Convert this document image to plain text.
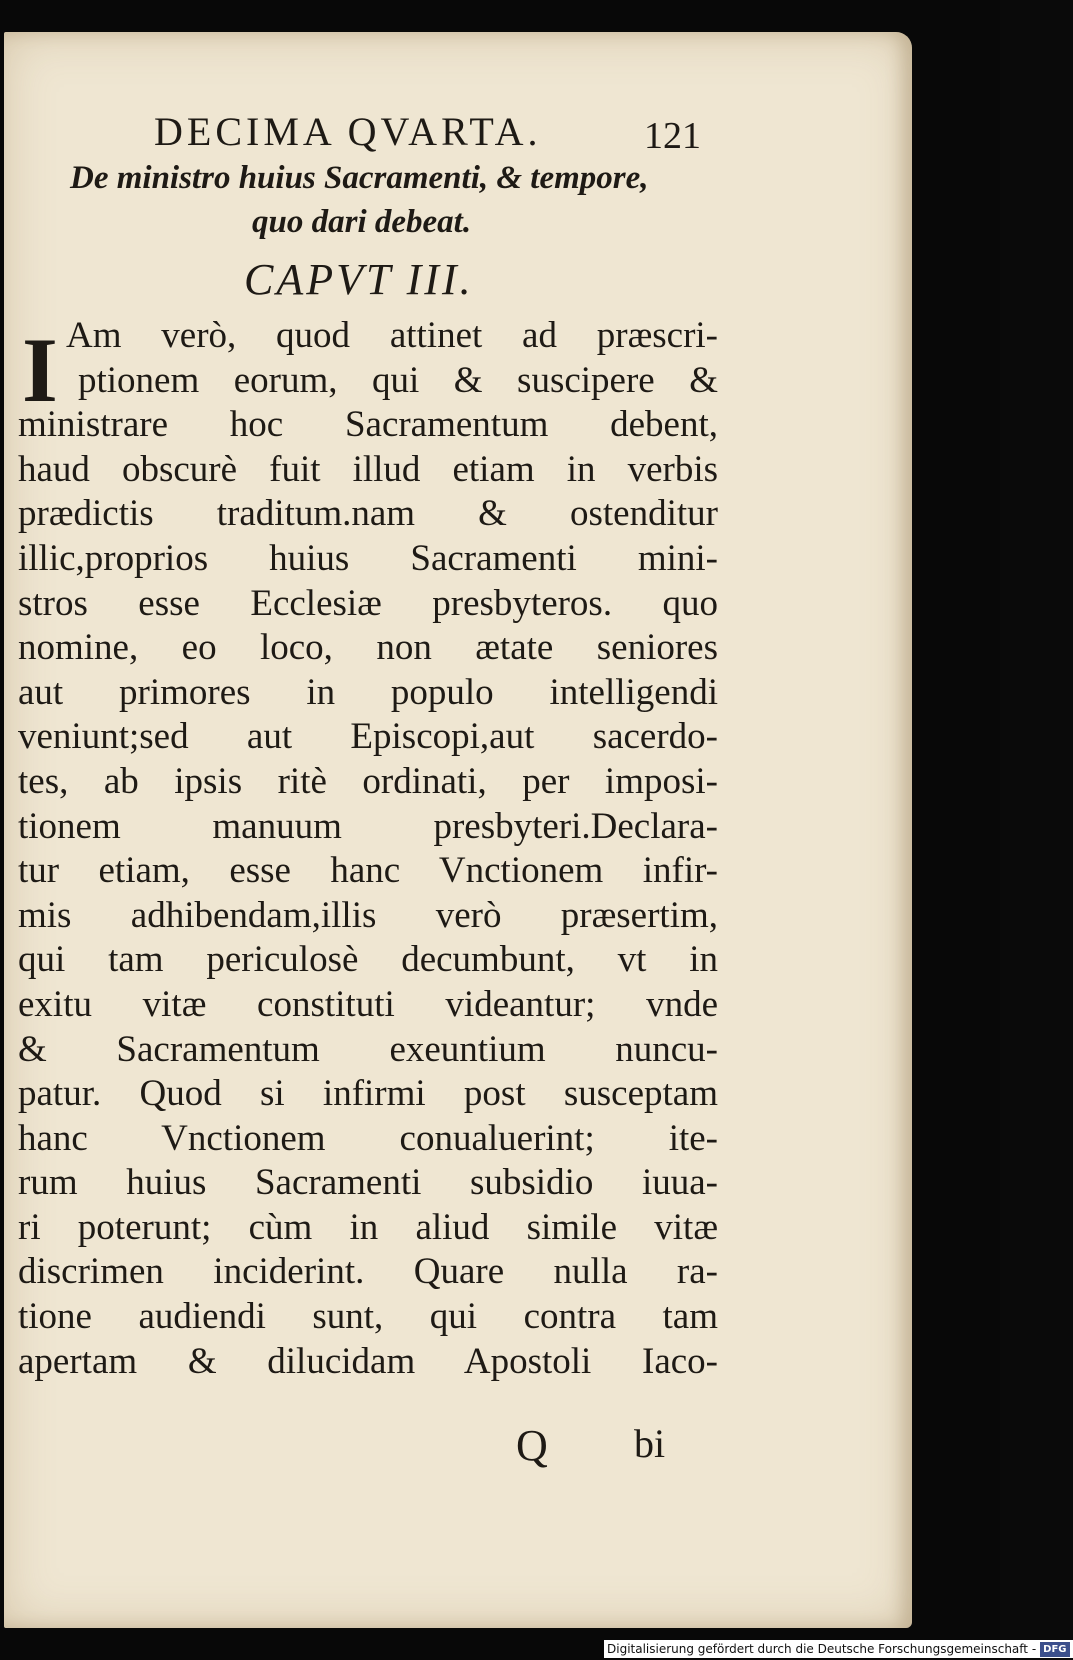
DECIMA QVARTA.	121
De ministro huius Sacramenti, & tempore,
quo dari debeat.
CAPVT III.
I Am verò, quod attinet ad præscri-
ptionem eorum, qui & suscipere &
ministrare hoc Sacramentum debent,
haud obscurè fuit illud etiam in verbis
prædictis traditum.nam & ostenditur
illic,proprios huius Sacramenti mini-
stros esse Ecclesiæ presbyteros. quo
nomine, eo loco, non ætate seniores
aut primores in populo intelligendi
veniunt;sed aut Episcopi,aut sacerdo-
tes, ab ipsis ritè ordinati, per imposi-
tionem manuum presbyteri.Declara-
tur etiam, esse hanc Vnctionem infir-
mis adhibendam,illis verò præsertim,
qui tam periculosè decumbunt, vt in
exitu vitæ constituti videantur; vnde
& Sacramentum exeuntium nuncu-
patur. Quod si infirmi post susceptam
hanc Vnctionem conualuerint; ite-
rum huius Sacramenti subsidio iuua-
ri poterunt; cùm in aliud simile vitæ
discrimen inciderint. Quare nulla ra-
tione audiendi sunt, qui contra tam
apertam & dilucidam Apostoli Iaco-
Q bi
Digitalisierung gefördert durch die Deutsche Forschungsgemeinschaft - DFG
